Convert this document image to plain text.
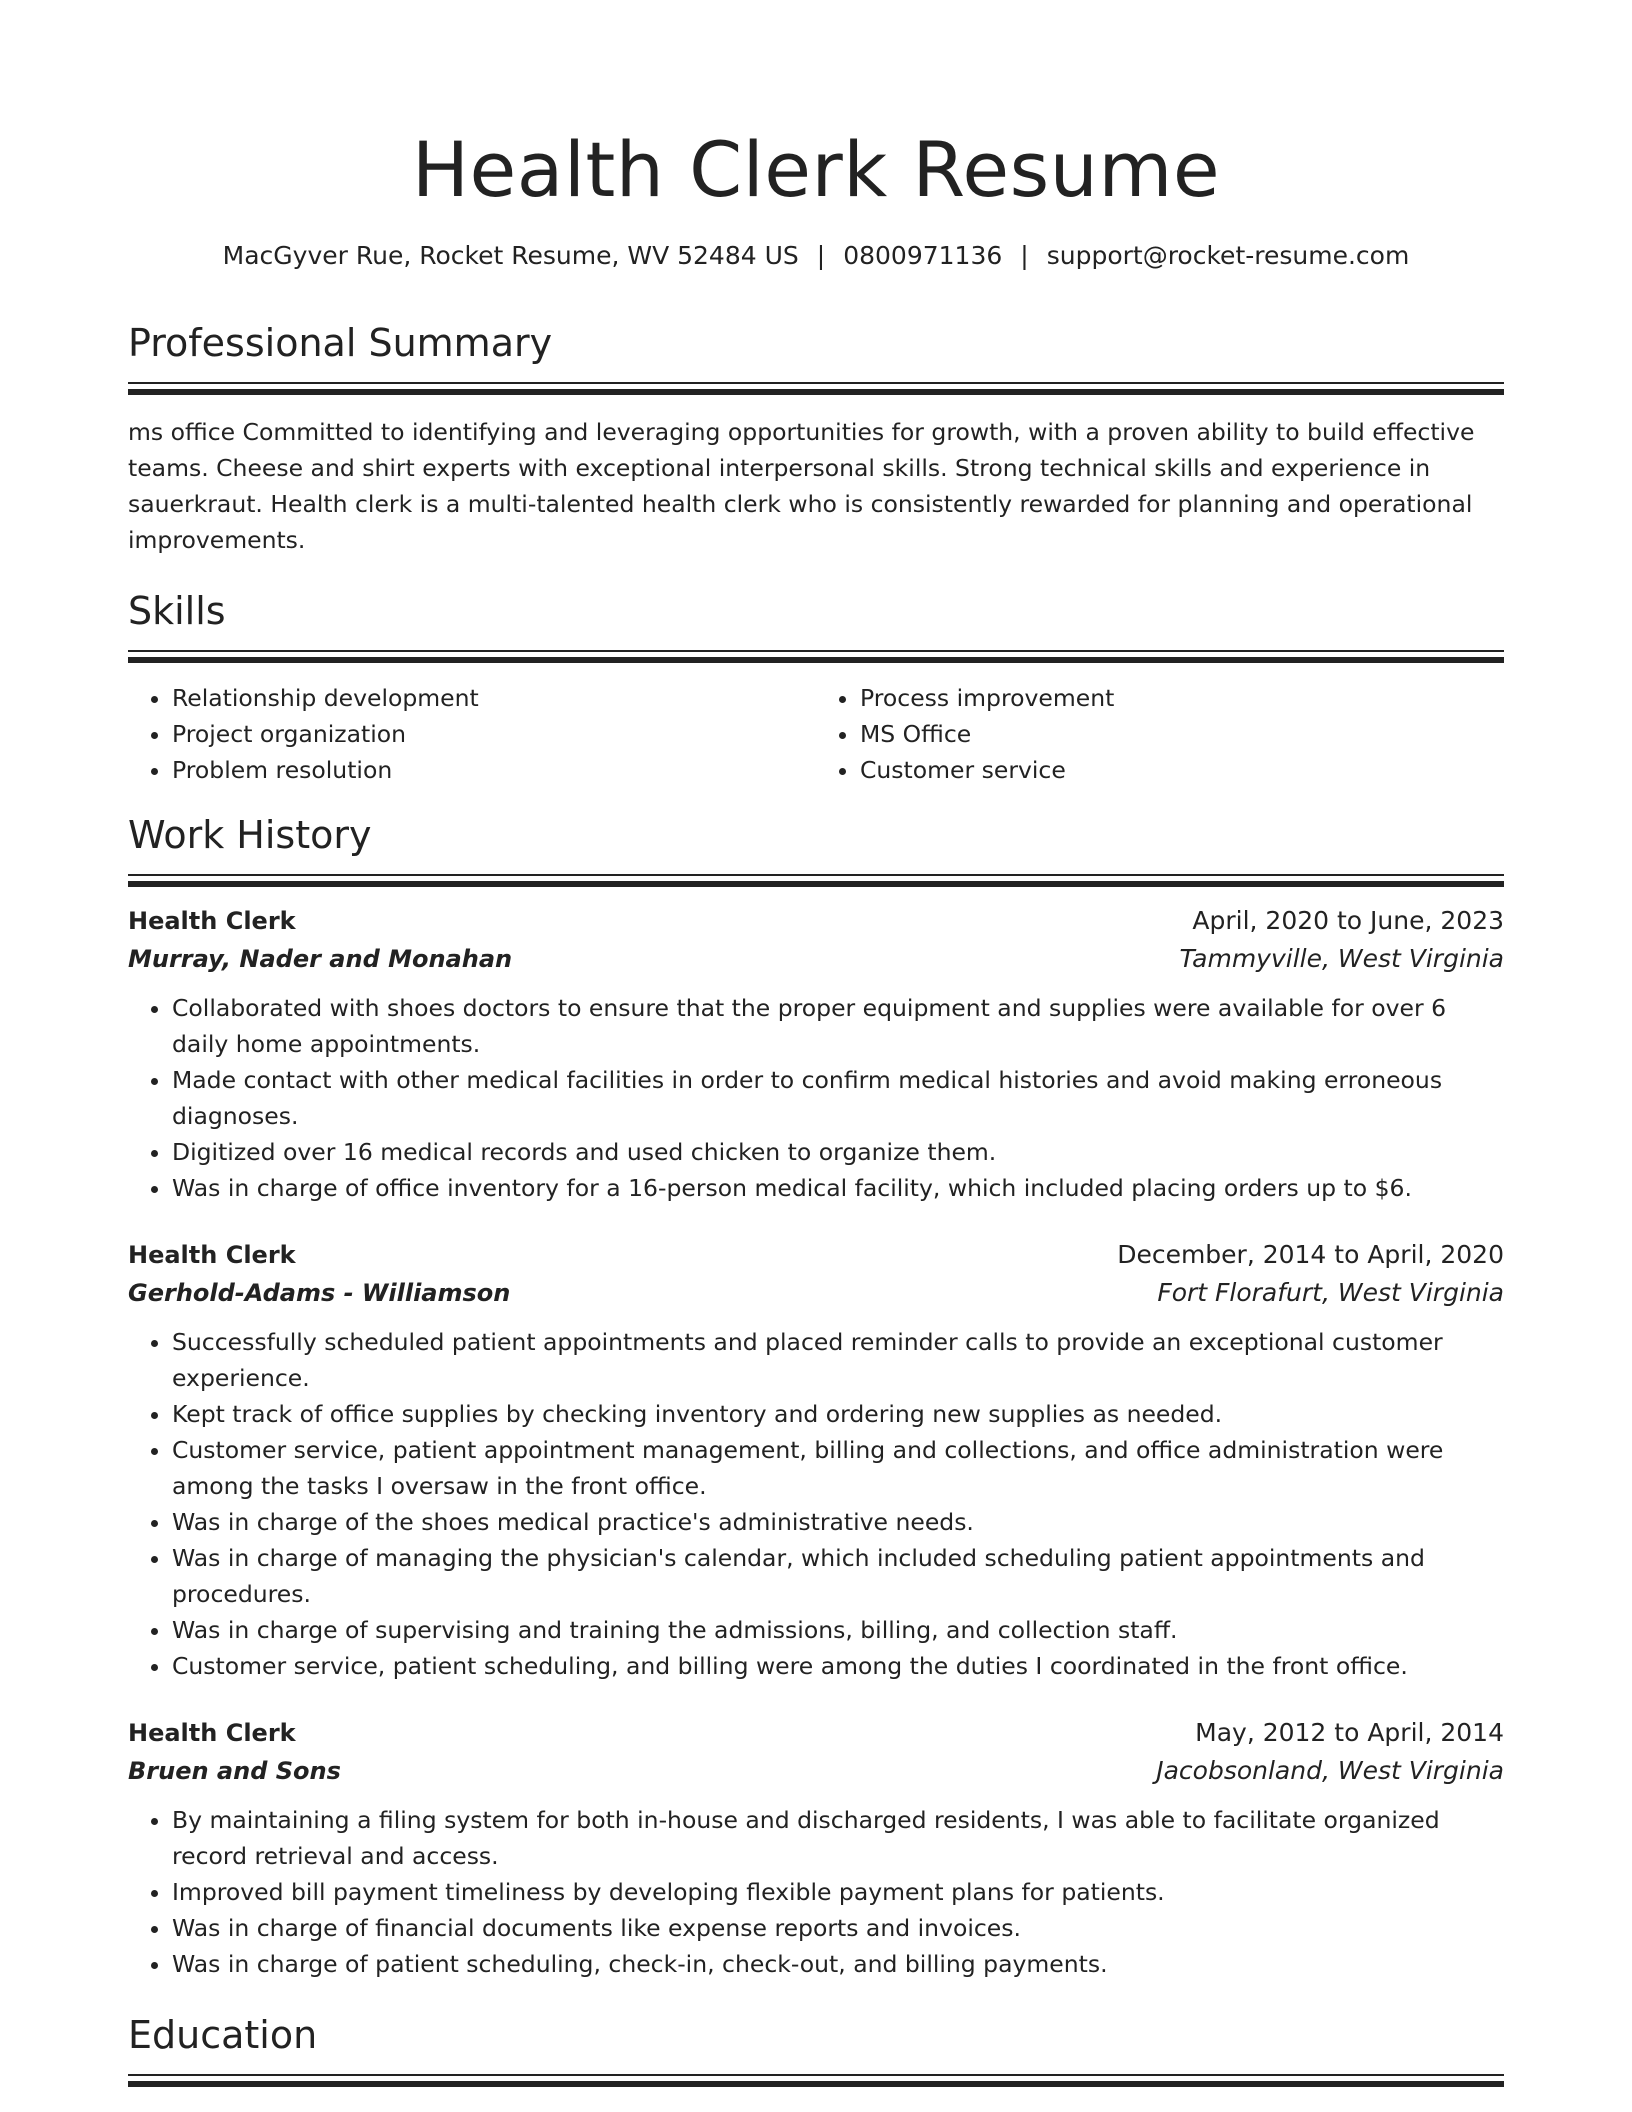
Health Clerk Resume
MacGyver Rue, Rocket Resume, WV 52484 US | 0800971136 | support@rocket-resume.com
Professional Summary

ms office Committed to identifying and leveraging opportunities for growth, with a proven ability to build effective teams. Cheese and shirt experts with exceptional interpersonal skills. Strong technical skills and experience in sauerkraut. Health clerk is a multi-talented health clerk who is consistently rewarded for planning and operational improvements.

Skills
• Relationship development
• Project organization
• Problem resolution
• Process improvement
• MS Office
• Customer service
Work History
Health Clerk	April, 2020 to June, 2023
Murray, Nader and Monahan	Tammyville, West Virginia
• Collaborated with shoes doctors to ensure that the proper equipment and supplies were available for over 6 daily home appointments.
• Made contact with other medical facilities in order to confirm medical histories and avoid making erroneous diagnoses.
• Digitized over 16 medical records and used chicken to organize them.
• Was in charge of office inventory for a 16-person medical facility, which included placing orders up to $6.
Health Clerk	December, 2014 to April, 2020
Gerhold-Adams - Williamson	Fort Florafurt, West Virginia
• Successfully scheduled patient appointments and placed reminder calls to provide an exceptional customer experience.
• Kept track of office supplies by checking inventory and ordering new supplies as needed.
• Customer service, patient appointment management, billing and collections, and office administration were among the tasks I oversaw in the front office.
• Was in charge of the shoes medical practice's administrative needs.
• Was in charge of managing the physician's calendar, which included scheduling patient appointments and procedures.
• Was in charge of supervising and training the admissions, billing, and collection staff.
• Customer service, patient scheduling, and billing were among the duties I coordinated in the front office.
Health Clerk	May, 2012 to April, 2014
Bruen and Sons	Jacobsonland, West Virginia
• By maintaining a filing system for both in-house and discharged residents, I was able to facilitate organized record retrieval and access.
• Improved bill payment timeliness by developing flexible payment plans for patients.
• Was in charge of financial documents like expense reports and invoices.
• Was in charge of patient scheduling, check-in, check-out, and billing payments.
Education
